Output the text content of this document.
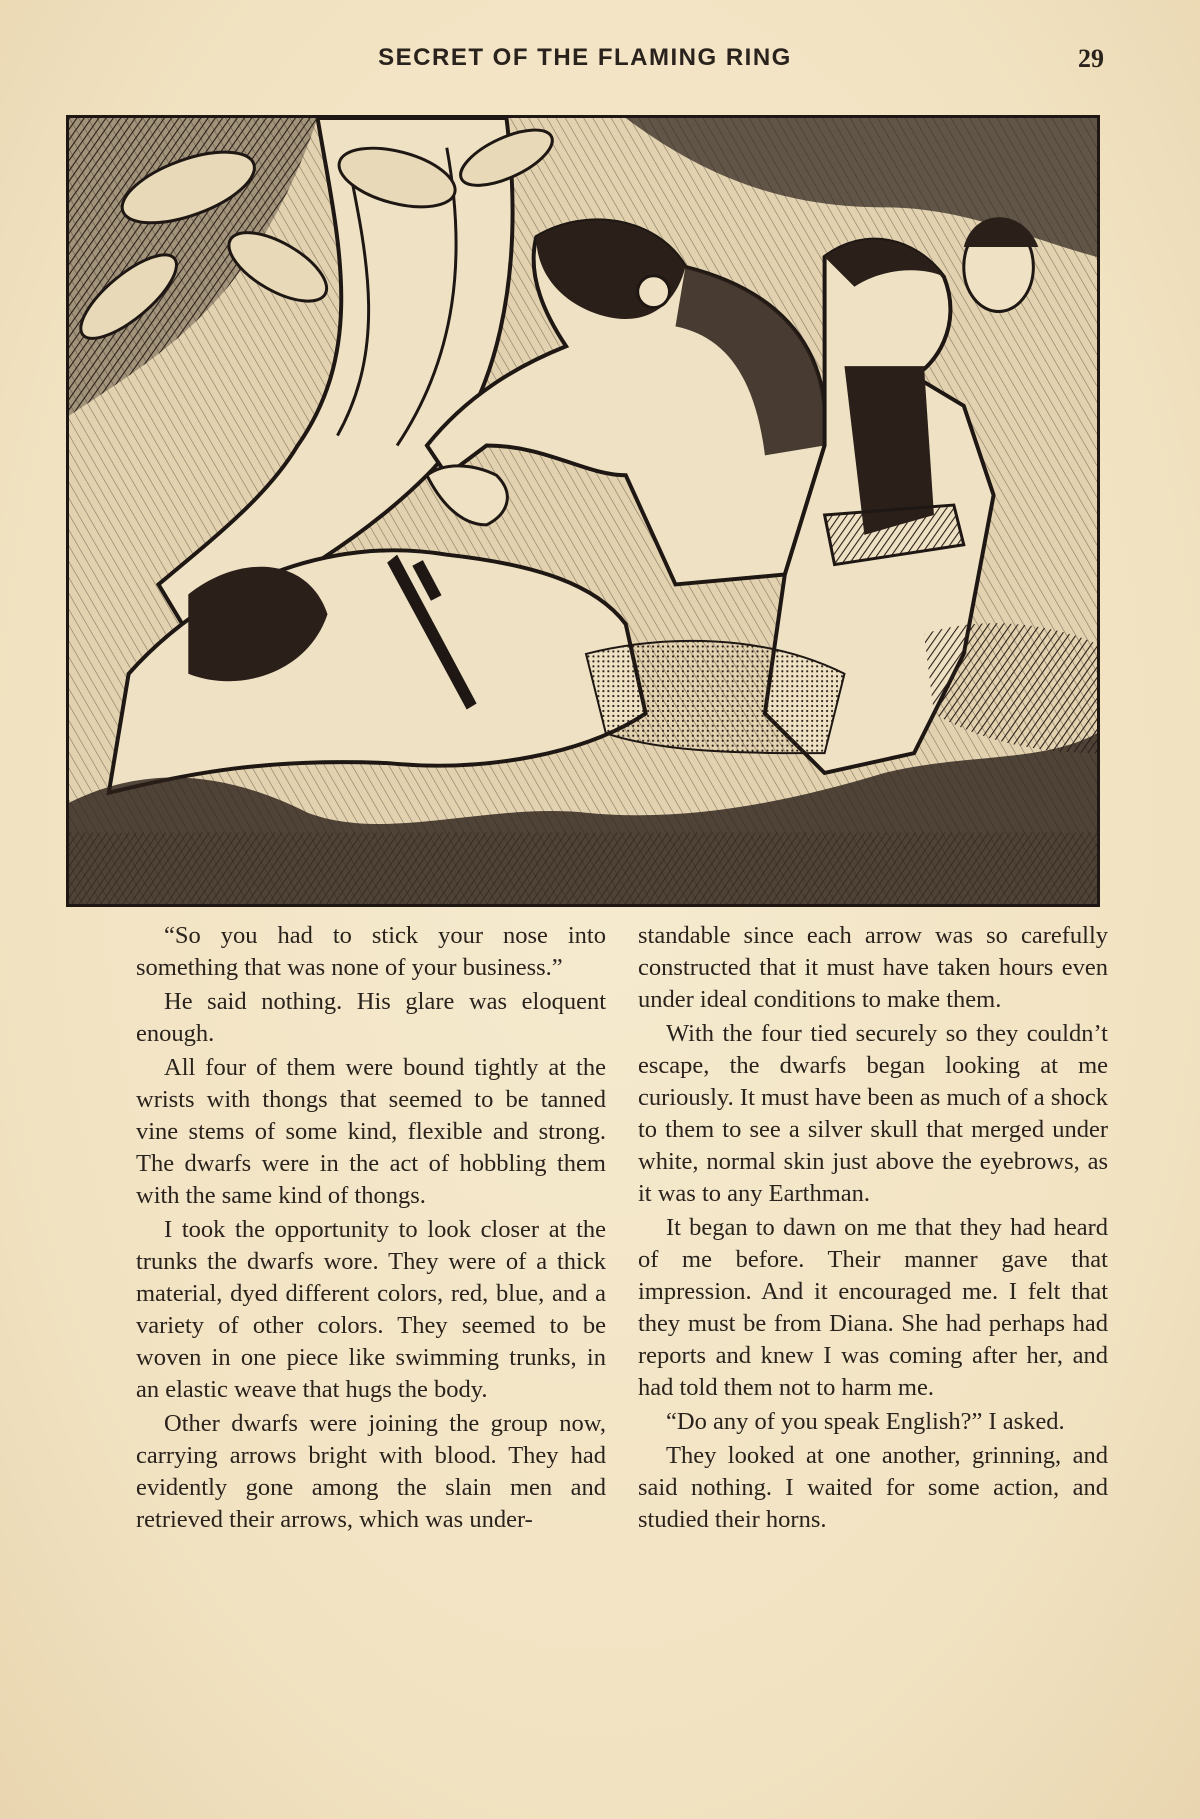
SECRET OF THE FLAMING RING	29

“So you had to stick your nose into something that was none of your business.”

He said nothing. His glare was eloquent enough.

All four of them were bound tightly at the wrists with thongs that seemed to be tanned vine stems of some kind, flexible and strong. The dwarfs were in the act of hobbling them with the same kind of thongs.

I took the opportunity to look closer at the trunks the dwarfs wore. They were of a thick material, dyed different colors, red, blue, and a variety of other colors. They seemed to be woven in one piece like swimming trunks, in an elastic weave that hugs the body.

Other dwarfs were joining the group now, carrying arrows bright with blood. They had evidently gone among the slain men and retrieved their arrows, which was under-

standable since each arrow was so carefully constructed that it must have taken hours even under ideal conditions to make them.

With the four tied securely so they couldn’t escape, the dwarfs began looking at me curiously. It must have been as much of a shock to them to see a silver skull that merged under white, normal skin just above the eyebrows, as it was to any Earthman.

It began to dawn on me that they had heard of me before. Their manner gave that impression. And it encouraged me. I felt that they must be from Diana. She had perhaps had reports and knew I was coming after her, and had told them not to harm me.

“Do any of you speak English?” I asked.

They looked at one another, grinning, and said nothing. I waited for some action, and studied their horns.
